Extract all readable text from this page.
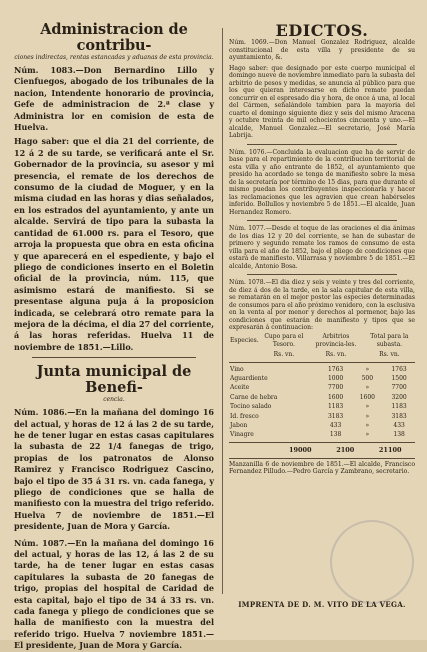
Administracion de contribu-

ciones indirectas, rentas estancadas y aduanas de esta provincia.

Núm. 1083.—Don Bernardino Lillo y Cienfuegos, abogado de los tribunales de la nacion, Intendente honorario de provincia, Gefe de administracion de 2.ª clase y Administra lor en comision de esta de Huelva.

Hago saber: que el dia 21 del corriente, de 12 á 2 de su tarde, se verificará ante el Sr. Gobernador de la provincia, su asesor y mi presencia, el remate de los derechos de consumo de la ciudad de Moguer, y en la misma ciudad en las horas y dias señalados, en los estrados del ayuntamiento, y ante un alcalde. Servirá de tipo para la subasta la cantidad de 61.000 rs. para el Tesoro, que arroja la propuesta que obra en esta oficina y que aparecerá en el espediente, y bajo el pliego de condiciones inserto en el Boletin oficial de la provincia, núm. 115, que asimismo estará de manifiesto. Si se presentase alguna puja á la proposicion indicada, se celebrará otro remate para la mejora de la décima, el dia 27 del corriente, á las horas referidas. Huelva 11 de noviembre de 1851.—Lillo.

Junta municipal de Benefi-

cencia.

Núm. 1086.—En la mañana del domingo 16 del actual, y horas de 12 á las 2 de su tarde, he de tener lugar en estas casas capitulares la subasta de 22 1/4 fanegas de trigo, propias de los patronatos de Alonso Ramirez y Francisco Rodriguez Cascino, bajo el tipo de 35 á 31 rs. vn. cada fanega, y pliego de condiciones que se halla de manifiesto con la muestra del trigo referido. Huelva 7 de noviembre de 1851.—El presidente, Juan de Mora y García.

Núm. 1087.—En la mañana del domingo 16 del actual, y horas de las 12, á las 2 de su tarde, ha de tener lugar en estas casas capitulares la subasta de 20 fanegas de trigo, propias del hospital de Caridad de esta capital, bajo el tipo de 34 á 33 rs. vn. cada fanega y pliego de condiciones que se halla de manifiesto con la muestra del referido trigo. Huelva 7 noviembre 1851.—El presidente, Juan de Mora y García.

EDICTOS.

Núm. 1069.—Don Manuel Gonzalez Rodriguez, alcalde constitucional de esta villa y presidente de su ayuntamiento, &.

Hago saber: que designado por este cuerpo municipal el domingo nueve de noviembre inmediato para la subasta del arbitrio de pesos y medidas, se anuncia al público para que los que quieran interesarse en dicho remate puedan concurrir en el espresado dia y hora, de once á una, al local del Cármen, señalándole tambien para la mayoria del cuarto el domingo siguiente diez y seis del mismo Aracena y octubre treinta de mil ochocientos cincuenta y uno.—El alcalde, Manuel Gonzalez.—El secretario, José María Labrija.

Núm. 1076.—Concluida la evaluacion que ha de servir de base para el repartimiento de la contribucion territorial de esta villa y año entrante de 1852, el ayuntamiento que presido ha acordado se tenga de manifiesto sobre la mesa de la secretaría por término de 15 dias, para que durante el mismo puedan los contribuyentes inspeccionarla y hacer las reclamaciones que les agravien que crean habérseles inferido. Bollullos y noviembre 5 de 1851.—El alcalde, Juan Hernandez Romero.

Núm. 1077.—Desde el toque de las oraciones el dia ánimas de los dias 12 y 20 del corriente, se han de subastar de primero y segundo remate los ramos de consumo de esta villa para el año de 1852, bajo el pliego de condiciones que estará de manifiesto. Villarrasa y noviembre 5 de 1851.—El alcalde, Antonio Bosa.

Núm. 1078.—El dia diez y seis y veinte y tres del corriente, de diez á dos de la tarde, en la sala capitular de esta villa, se rematarán en el mejor postor las especies determinadas de consumos para el año próximo venidero, con la esclusiva en la venta al por menor y derechos al pormenor, bajo las condiciones que estarán de manifiesto y tipos que se expresarán á continuacion:

Especies.	Cupo para el Tesoro.	Arbitrios provincia-les.	Total para la subasta.
	Rs. vn.	Rs. vn.	Rs. vn.
Vino	1763	»	1763
Aguardiente	1000	500	1500
Aceite	7700	»	7700
Carne de hebra	1600	1600	3200
Tocino salado	1183	»	1183
Id. fresco	3183	»	3183
Jabon	433	»	433
Vinagre	138	»	138
	19000	2100	21100

Manzanilla 6 de noviembre de 1851.—El alcalde, Francisco Fernandez Pilludo.—Pedro García y Zambrano, secretario.

IMPRENTA DE D. M. VITO DE LA VEGA.
